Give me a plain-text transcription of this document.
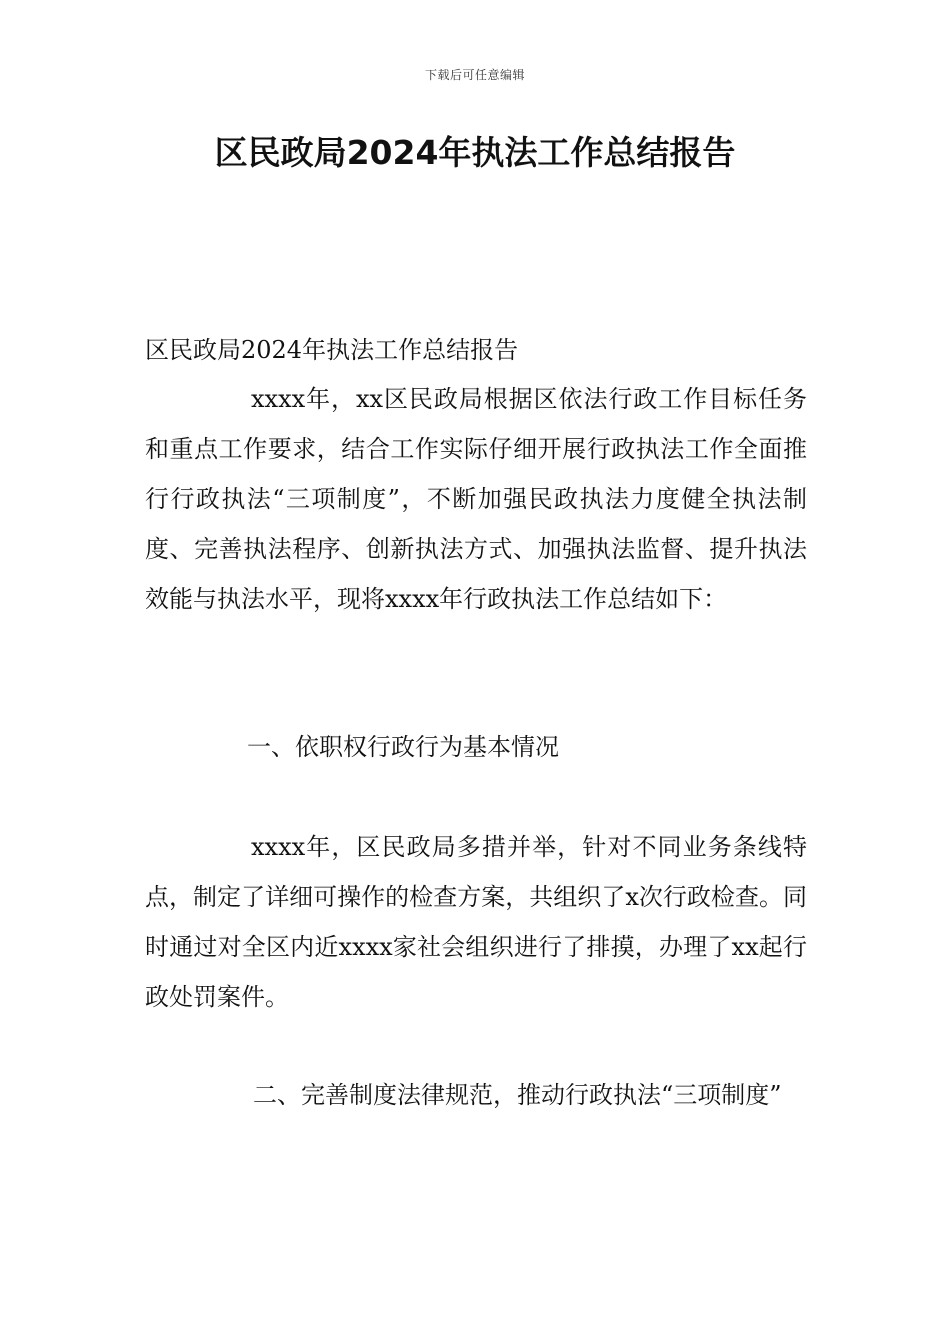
下载后可任意编辑
区民政局2024年执法工作总结报告

区民政局2024年执法工作总结报告

xxxx年，xx区民政局根据区依法行政工作目标任务和重点工作要求，结合工作实际仔细开展行政执法工作全面推行行政执法“三项制度”，不断加强民政执法力度健全执法制度、完善执法程序、创新执法方式、加强执法监督、提升执法效能与执法水平，现将xxxx年行政执法工作总结如下：

一、依职权行政行为基本情况

xxxx年，区民政局多措并举，针对不同业务条线特点，制定了详细可操作的检查方案，共组织了x次行政检查。同时通过对全区内近xxxx家社会组织进行了排摸，办理了xx起行政处罚案件。

二、完善制度法律规范，推动行政执法“三项制度”
